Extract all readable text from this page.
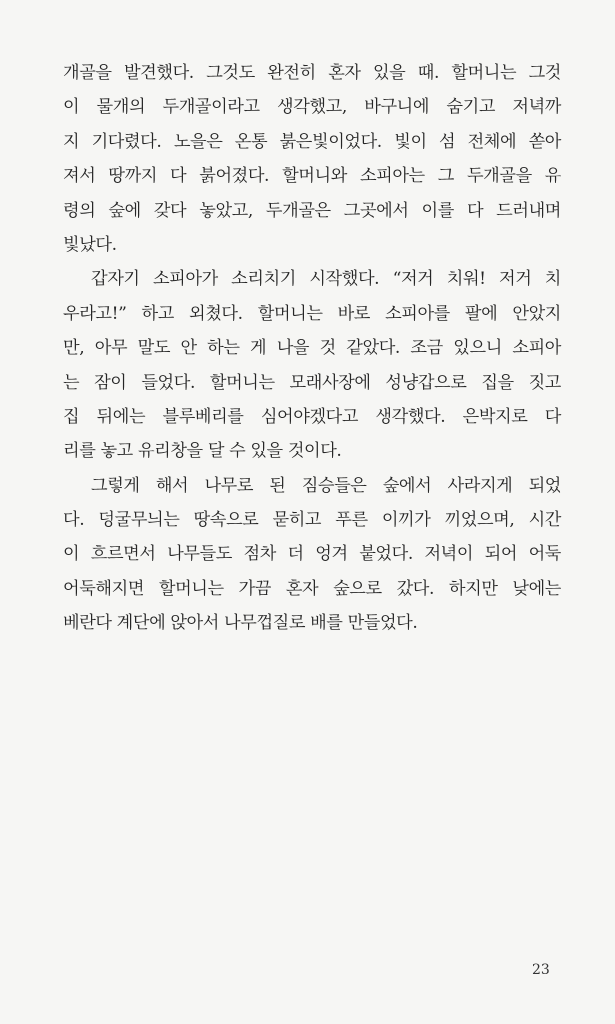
개골을 발견했다. 그것도 완전히 혼자 있을 때. 할머니는 그것
이 물개의 두개골이라고 생각했고, 바구니에 숨기고 저녁까
지 기다렸다. 노을은 온통 붉은빛이었다. 빛이 섬 전체에 쏟아
져서 땅까지 다 붉어졌다. 할머니와 소피아는 그 두개골을 유
령의 숲에 갖다 놓았고, 두개골은 그곳에서 이를 다 드러내며
빛났다.
갑자기 소피아가 소리치기 시작했다. “저거 치워! 저거 치
우라고!” 하고 외쳤다. 할머니는 바로 소피아를 팔에 안았지
만, 아무 말도 안 하는 게 나을 것 같았다. 조금 있으니 소피아
는 잠이 들었다. 할머니는 모래사장에 성냥갑으로 집을 짓고
집 뒤에는 블루베리를 심어야겠다고 생각했다. 은박지로 다
리를 놓고 유리창을 달 수 있을 것이다.
그렇게 해서 나무로 된 짐승들은 숲에서 사라지게 되었
다. 덩굴무늬는 땅속으로 묻히고 푸른 이끼가 끼었으며, 시간
이 흐르면서 나무들도 점차 더 엉겨 붙었다. 저녁이 되어 어둑
어둑해지면 할머니는 가끔 혼자 숲으로 갔다. 하지만 낮에는
베란다 계단에 앉아서 나무껍질로 배를 만들었다.
23
